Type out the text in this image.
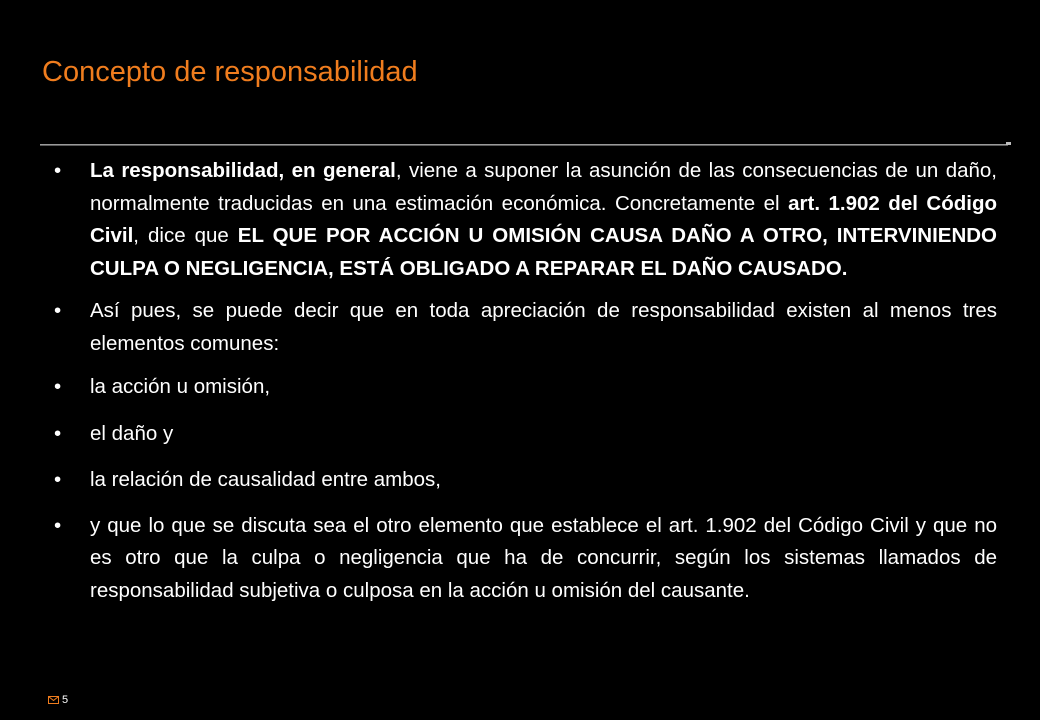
Concepto de responsabilidad
•	La responsabilidad, en general, viene a suponer la asunción de las consecuencias de un daño, normalmente traducidas en una estimación económica. Concretamente el art. 1.902 del Código Civil, dice que EL QUE POR ACCIÓN U OMISIÓN CAUSA DAÑO A OTRO, INTERVINIENDO CULPA O NEGLIGENCIA, ESTÁ OBLIGADO A REPARAR EL DAÑO CAUSADO.
•	Así pues, se puede decir que en toda apreciación de responsabilidad existen al menos tres elementos comunes:
•	la acción u omisión,
•	el daño y
•	la relación de causalidad entre ambos,
•	y que lo que se discuta sea el otro elemento que establece el art. 1.902 del Código Civil y que no es otro que la culpa o negligencia que ha de concurrir, según los sistemas llamados de responsabilidad subjetiva o culposa en la acción u omisión del causante.
5
